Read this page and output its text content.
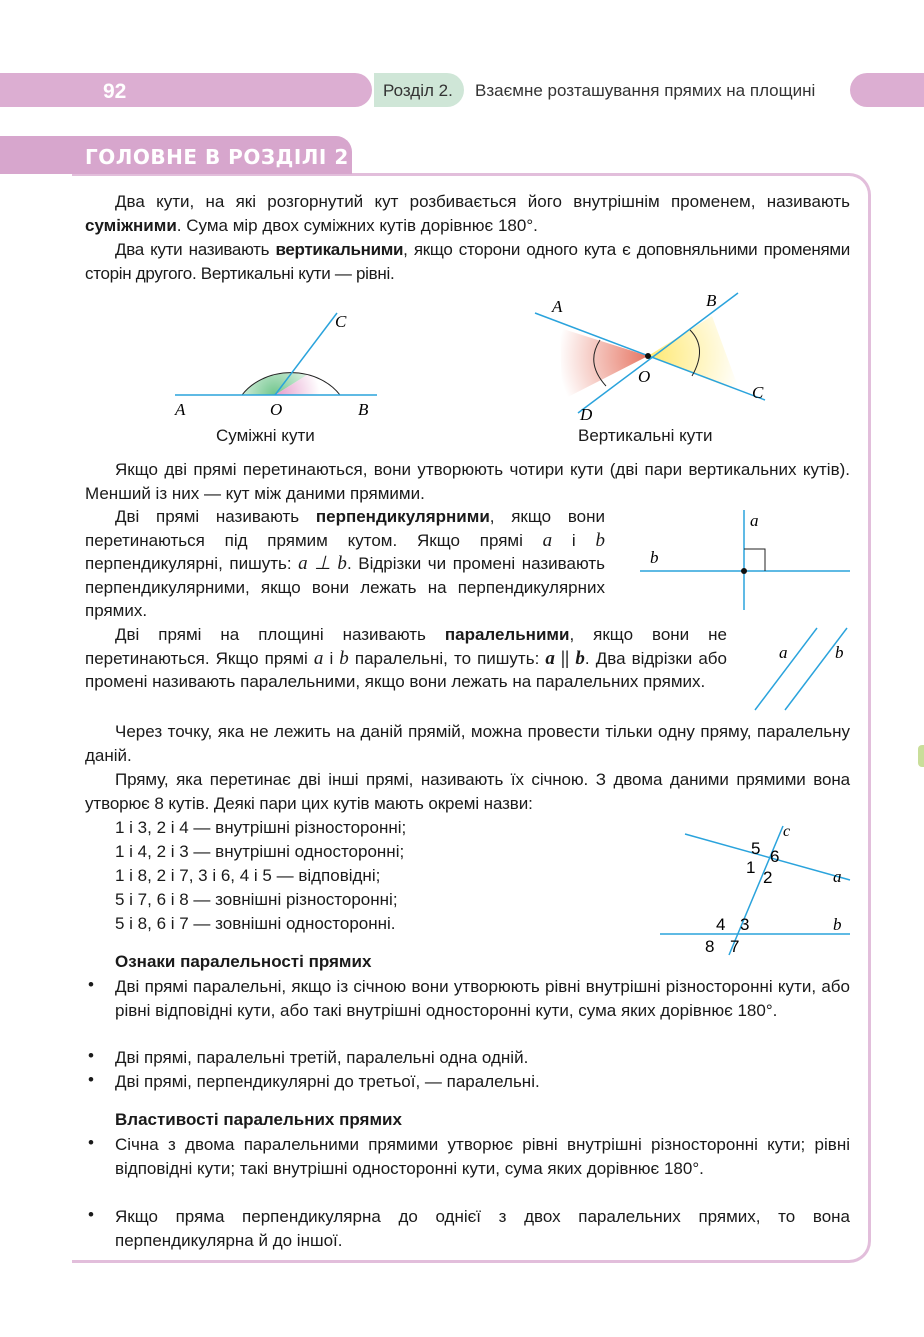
92	Розділ 2. Взаємне розташування прямих на площині
ГОЛОВНЕ В РОЗДІЛІ 2
Два кути, на які розгорнутий кут розбивається його внутрішнім променем, називають суміжними. Сума мір двох суміжних кутів дорівнює 180°.
Два кути називають вертикальними, якщо сторони одного кута є доповняльними променями сторін другого. Вертикальні кути — рівні.
A	O	B
C
Суміжні кути
A	B
C
D
O
Вертикальні кути
Якщо дві прямі перетинаються, вони утворюють чотири кути (дві пари вертикальних кутів). Менший із них — кут між даними прямими.
Дві прямі називають перпендикулярними, якщо вони перетинаються під прямим кутом. Якщо прямі a і b перпендикулярні, пишуть: a ⊥ b. Відрізки чи промені називають перпендикулярними, якщо вони лежать на перпендикулярних прямих.
a
b
Дві прямі на площині називають паралельними, якщо вони не перетинаються. Якщо прямі a і b паралельні, то пишуть: a || b. Два відрізки або промені називають паралельними, якщо вони лежать на паралельних прямих.
a	b
Через точку, яка не лежить на даній прямій, можна провести тільки одну пряму, паралельну даній.
Пряму, яка перетинає дві інші прямі, називають їх січною. З двома даними прямими вона утворює 8 кутів. Деякі пари цих кутів мають окремі назви:
1 і 3, 2 і 4 — внутрішні різносторонні;
1 і 4, 2 і 3 — внутрішні односторонні;
1 і 8, 2 і 7, 3 і 6, 4 і 5 — відповідні;
5 і 7, 6 і 8 — зовнішні різносторонні;
5 і 8, 6 і 7 — зовнішні односторонні.
c
a
b
5 6
1
2
4 3
8 7
Ознаки паралельності прямих
• Дві прямі паралельні, якщо із січною вони утворюють рівні внутрішні різносторонні кути, або рівні відповідні кути, або такі внутрішні односторонні кути, сума яких дорівнює 180°.
• Дві прямі, паралельні третій, паралельні одна одній.
• Дві прямі, перпендикулярні до третьої, — паралельні.
Властивості паралельних прямих
• Січна з двома паралельними прямими утворює рівні внутрішні різносторонні кути; рівні відповідні кути; такі внутрішні односторонні кути, сума яких дорівнює 180°.
• Якщо пряма перпендикулярна до однієї з двох паралельних прямих, то вона перпендикулярна й до іншої.
